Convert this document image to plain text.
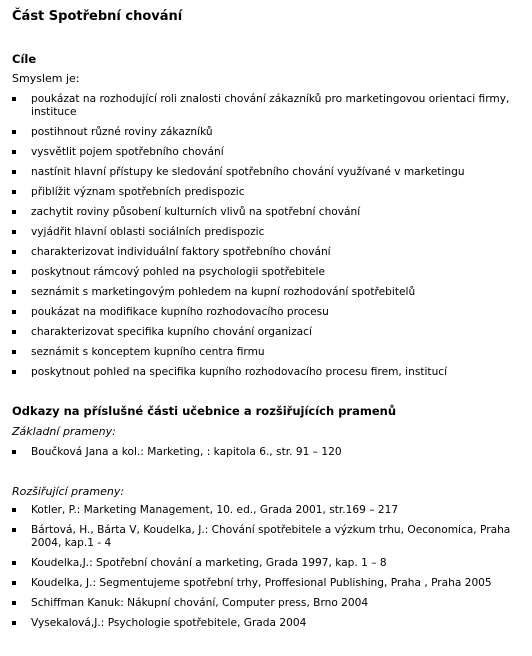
Část Spotřební chování
Cíle

Smyslem je:

poukázat na rozhodující roli znalosti chování zákazníků pro marketingovou orientaci firmy, instituce
postihnout různé roviny zákazníků
vysvětlit pojem spotřebního chování
nastínit hlavní přístupy ke sledování spotřebního chování využívané v marketingu
přiblížit význam spotřebních predispozic
zachytit roviny působení kulturních vlivů na spotřební chování
vyjádřit hlavní oblasti sociálních predispozic
charakterizovat individuální faktory spotřebního chování
poskytnout rámcový pohled na psychologii spotřebitele
seznámit s marketingovým pohledem na kupní rozhodování spotřebitelů
poukázat na modifikace kupního rozhodovacího procesu
charakterizovat specifika kupního chování organizací
seznámit s konceptem kupního centra firmu
poskytnout pohled na specifika kupního rozhodovacího procesu firem, institucí
Odkazy na příslušné části učebnice a rozšiřujících pramenů

Základní prameny:

Boučková Jana a kol.: Marketing, : kapitola 6., str. 91 – 120

Rozšiřující prameny:

Kotler, P.: Marketing Management, 10. ed., Grada 2001, str.169 – 217
Bártová, H., Bárta V, Koudelka, J.: Chování spotřebitele a výzkum trhu, Oeconomica, Praha 2004, kap.1 - 4
Koudelka,J.: Spotřební chování a marketing, Grada 1997, kap. 1 – 8
Koudelka, J.: Segmentujeme spotřební trhy, Proffesional Publishing, Praha , Praha 2005
Schiffman Kanuk: Nákupní chování, Computer press, Brno 2004
Vysekalová,J.: Psychologie spotřebitele, Grada 2004
